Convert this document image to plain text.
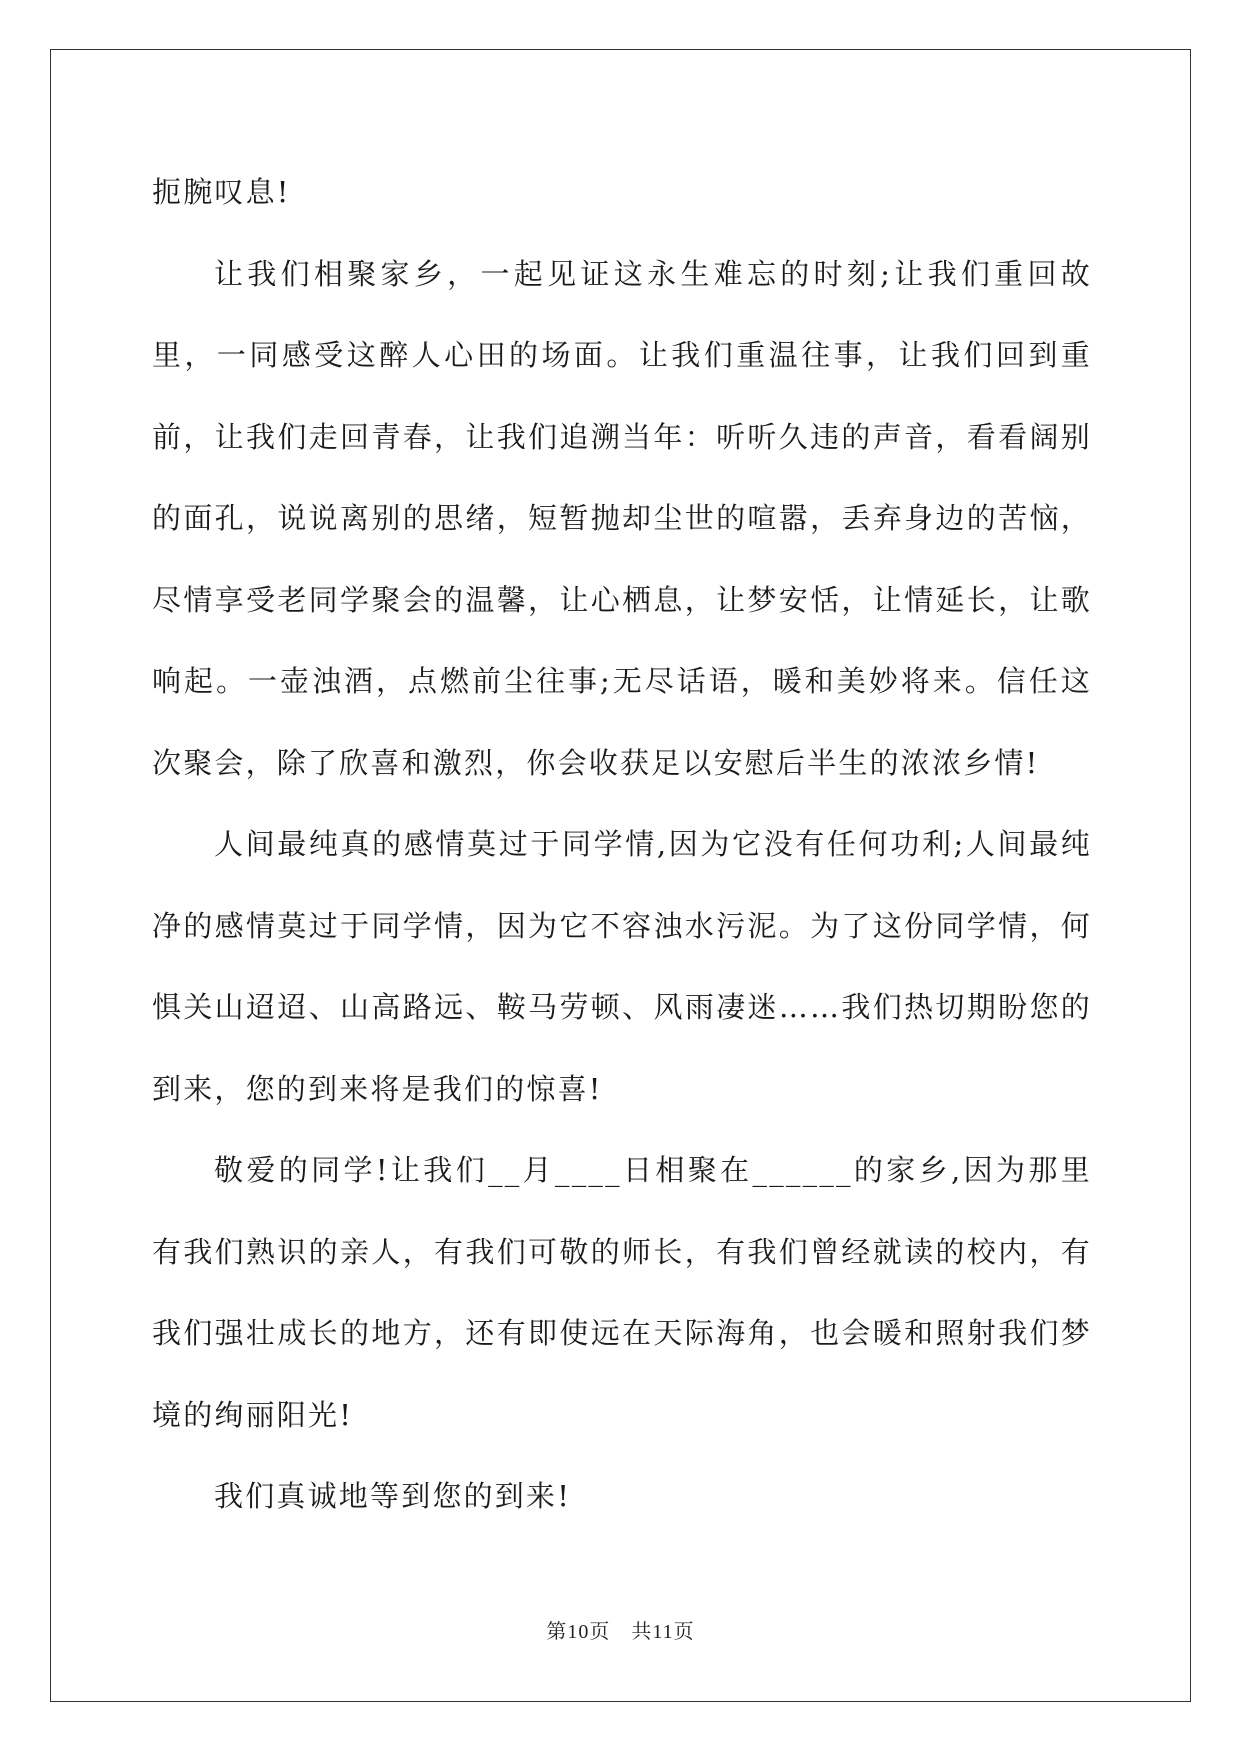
扼腕叹息!

让我们相聚家乡，一起见证这永生难忘的时刻;让我们重回故里，一同感受这醉人心田的场面。让我们重温往事，让我们回到重前，让我们走回青春，让我们追溯当年：听听久违的声音，看看阔别的面孔，说说离别的思绪，短暂抛却尘世的喧嚣，丢弃身边的苦恼，尽情享受老同学聚会的温馨，让心栖息，让梦安恬，让情延长，让歌响起。一壶浊酒，点燃前尘往事;无尽话语，暖和美妙将来。信任这次聚会，除了欣喜和激烈，你会收获足以安慰后半生的浓浓乡情!

人间最纯真的感情莫过于同学情,因为它没有任何功利;人间最纯净的感情莫过于同学情，因为它不容浊水污泥。为了这份同学情，何惧关山迢迢、山高路远、鞍马劳顿、风雨凄迷……我们热切期盼您的到来，您的到来将是我们的惊喜!

敬爱的同学!让我们__月____日相聚在______的家乡,因为那里有我们熟识的亲人，有我们可敬的师长，有我们曾经就读的校内，有我们强壮成长的地方，还有即使远在天际海角，也会暖和照射我们梦境的绚丽阳光!

我们真诚地等到您的到来!

第10页　共11页
